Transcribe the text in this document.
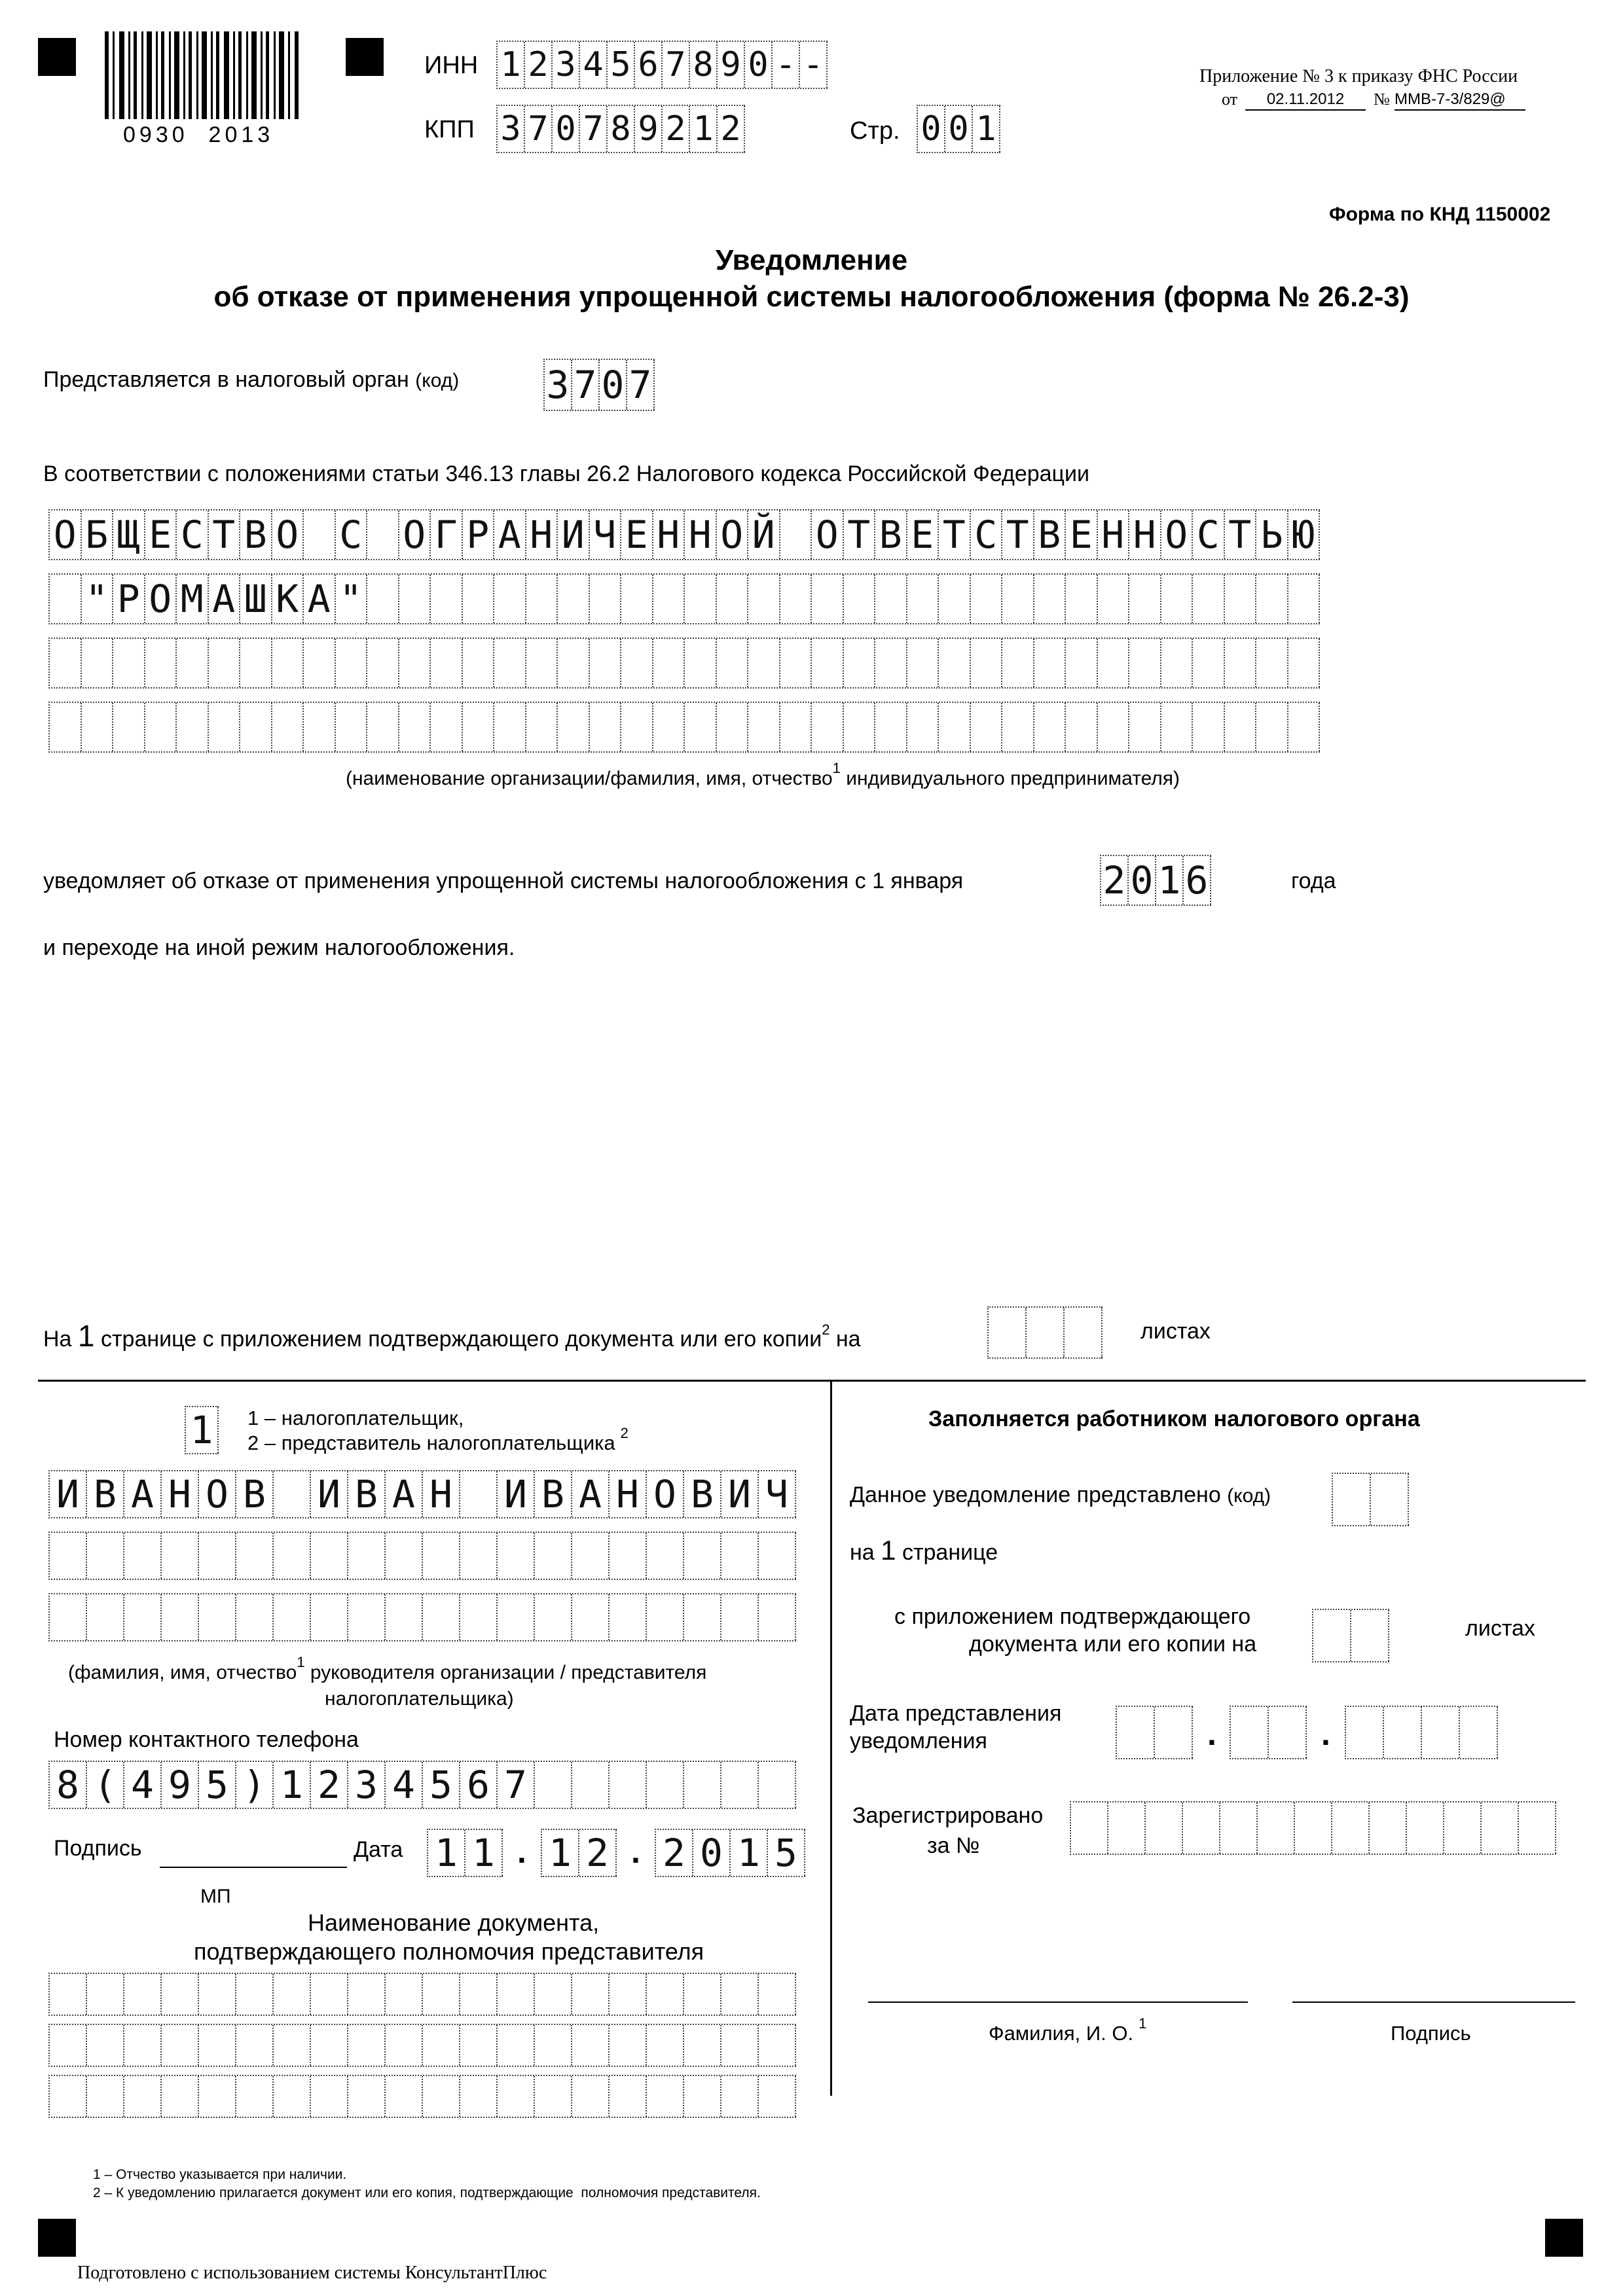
0930  2013
ИНН 1 2 3 4 5 6 7 8 9 0 - -
КПП 3 7 0 7 8 9 2 1 2	Стр. 0 0 1
Приложение № 3 к приказу ФНС России
от	02.11.2012	№ ММВ-7-3/829@
Форма по КНД 1150002
Уведомление
об отказе от применения упрощенной системы налогообложения (форма № 26.2-3)
Представляется в налоговый орган (код) 3 7 0 7
В соответствии с положениями статьи 346.13 главы 26.2 Налогового кодекса Российской Федерации
О Б Щ Е С Т В О С О Г Р А Н И Ч Е Н Н О Й О Т В Е Т С Т В Е Н Н О С Т Ь Ю
" Р О М А Ш К А "
(наименование организации/фамилия, имя, отчество$^1$ индивидуального предпринимателя)
уведомляет об отказе от применения упрощенной системы налогообложения с 1 января	2 0 1 6	года
и переходе на иной режим налогообложения.
На 1 странице с приложением подтверждающего документа или его копии$^2$ на	листах
1 1 – налогоплательщик,
2 – представитель налогоплательщика $^2$
И В А Н О В И В А Н И В А Н О В И Ч
(фамилия, имя, отчество$^1$ руководителя организации / представителя
налогоплательщика)
Номер контактного телефона
8 ( 4 9 5 ) 1 2 3 4 5 6 7
Подпись	Дата 1 1 . 1 2 . 2 0 1 5
МП
Наименование документа,
подтверждающего полномочия представителя
Заполняется работником налогового органа
Данное уведомление представлено (код)
на 1 странице
с приложением подтверждающего
документа или его копии на
листах
Дата представления
уведомления	.	.
Зарегистрировано
за №
Фамилия, И. О. $^1$	Подпись
1 – Отчество указывается при наличии.
2 – К уведомлению прилагается документ или его копия, подтверждающие  полномочия представителя.
Подготовлено с использованием системы КонсультантПлюс
